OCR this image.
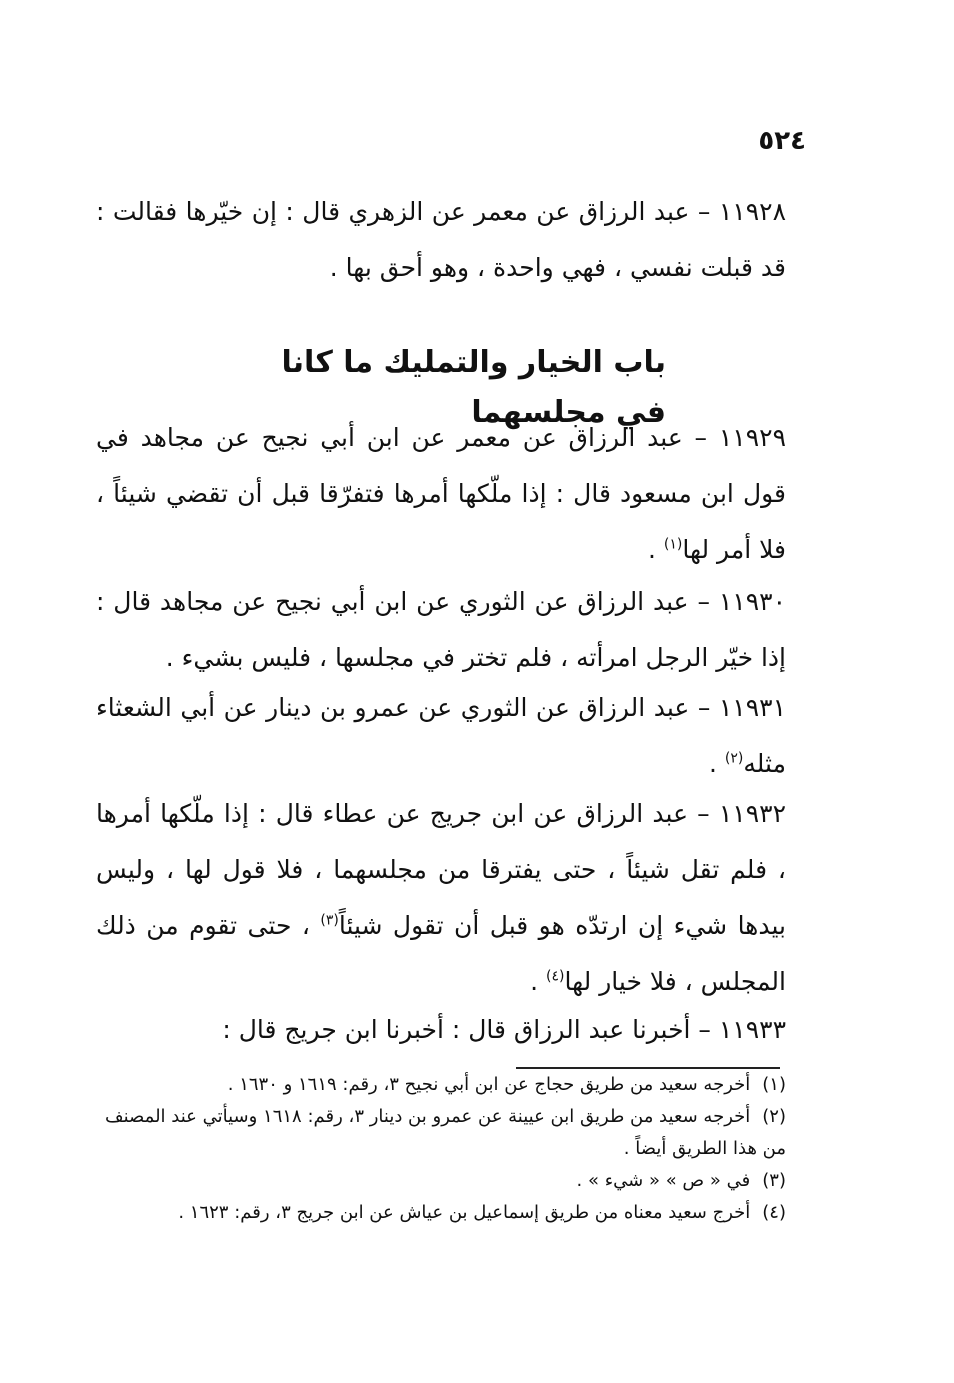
٥٢٤

١١٩٢٨ – عبد الرزاق عن معمر عن الزهري قال : إن خيّرها فقالت : قد قبلت نفسي ، فهي واحدة ، وهو أحق بها .

باب الخيار والتمليك ما كانا في مجلسهما

١١٩٢٩ – عبد الرزاق عن معمر عن ابن أبي نجيح عن مجاهد في قول ابن مسعود قال : إذا ملّكها أمرها فتفرّقا قبل أن تقضي شيئاً ، فلا أمر لها$^{(١)}$ .

١١٩٣٠ – عبد الرزاق عن الثوري عن ابن أبي نجيح عن مجاهد قال : إذا خيّر الرجل امرأته ، فلم تختر في مجلسها ، فليس بشيء .

١١٩٣١ – عبد الرزاق عن الثوري عن عمرو بن دينار عن أبي الشعثاء مثله$^{(٢)}$ .

١١٩٣٢ – عبد الرزاق عن ابن جريج عن عطاء قال : إذا ملّكها أمرها ، فلم تقل شيئاً ، حتى يفترقا من مجلسهما ، فلا قول لها ، وليس بيدها شيء إن ارتدّه هو قبل أن تقول شيئاً$^{(٣)}$ ، حتى تقوم من ذلك المجلس ، فلا خيار لها$^{(٤)}$ .

١١٩٣٣ – أخبرنا عبد الرزاق قال : أخبرنا ابن جريج قال :

(١) أخرجه سعيد من طريق حجاج عن ابن أبي نجيح ٣، رقم: ١٦١٩ و ١٦٣٠ .

(٢) أخرجه سعيد من طريق ابن عيينة عن عمرو بن دينار ٣، رقم: ١٦١٨ وسيأتي عند المصنف من هذا الطريق أيضاً .

(٣) في « ص » « شيء » .

(٤) أخرج سعيد معناه من طريق إسماعيل بن عياش عن ابن جريج ٣، رقم: ١٦٢٣ .
